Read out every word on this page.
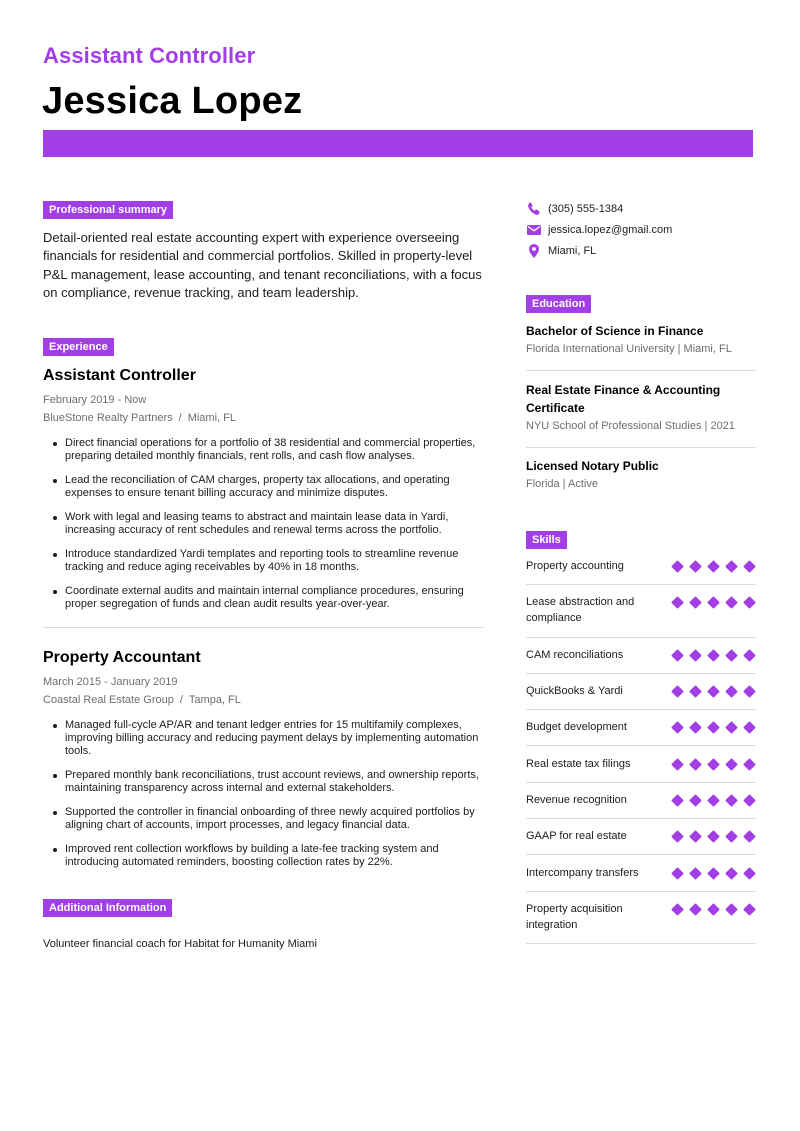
Assistant Controller
Jessica Lopez
Professional summary
Detail-oriented real estate accounting expert with experience overseeing financials for residential and commercial portfolios. Skilled in property-level P&L management, lease accounting, and tenant reconciliations, with a focus on compliance, revenue tracking, and team leadership.
Experience
Assistant Controller
February 2019 - Now
BlueStone Realty Partners / Miami, FL
Direct financial operations for a portfolio of 38 residential and commercial properties, preparing detailed monthly financials, rent rolls, and cash flow analyses.
Lead the reconciliation of CAM charges, property tax allocations, and operating expenses to ensure tenant billing accuracy and minimize disputes.
Work with legal and leasing teams to abstract and maintain lease data in Yardi, increasing accuracy of rent schedules and renewal terms across the portfolio.
Introduce standardized Yardi templates and reporting tools to streamline revenue tracking and reduce aging receivables by 40% in 18 months.
Coordinate external audits and maintain internal compliance procedures, ensuring proper segregation of funds and clean audit results year-over-year.
Property Accountant
March 2015 - January 2019
Coastal Real Estate Group / Tampa, FL
Managed full-cycle AP/AR and tenant ledger entries for 15 multifamily complexes, improving billing accuracy and reducing payment delays by implementing automation tools.
Prepared monthly bank reconciliations, trust account reviews, and ownership reports, maintaining transparency across internal and external stakeholders.
Supported the controller in financial onboarding of three newly acquired portfolios by aligning chart of accounts, import processes, and legacy financial data.
Improved rent collection workflows by building a late-fee tracking system and introducing automated reminders, boosting collection rates by 22%.
Additional Information
Volunteer financial coach for Habitat for Humanity Miami
(305) 555-1384
jessica.lopez@gmail.com
Miami, FL
Education
Bachelor of Science in Finance
Florida International University | Miami, FL
Real Estate Finance & Accounting Certificate
NYU School of Professional Studies | 2021
Licensed Notary Public
Florida | Active
Skills
Property accounting
Lease abstraction and compliance
CAM reconciliations
QuickBooks & Yardi
Budget development
Real estate tax filings
Revenue recognition
GAAP for real estate
Intercompany transfers
Property acquisition integration
